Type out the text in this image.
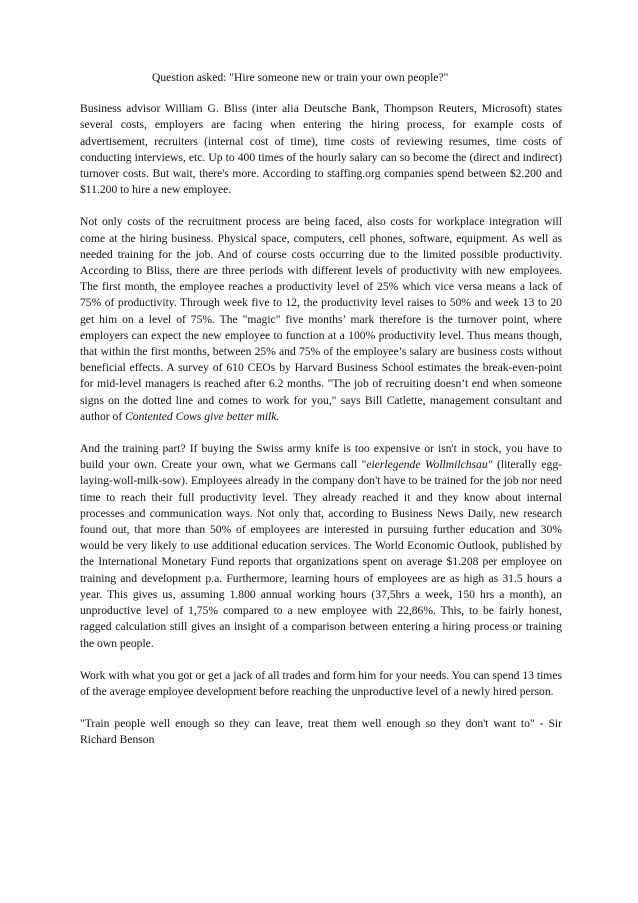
Question asked: "Hire someone new or train your own people?"

Business advisor William G. Bliss (inter alia Deutsche Bank, Thompson Reuters, Microsoft) states several costs, employers are facing when entering the hiring process, for example costs of advertisement, recruiters (internal cost of time), time costs of reviewing resumes, time costs of conducting interviews, etc. Up to 400 times of the hourly salary can so become the (direct and indirect) turnover costs. But wait, there's more. According to staffing.org companies spend between $2.200 and $11.200 to hire a new employee.

Not only costs of the recruitment process are being faced, also costs for workplace integration will come at the hiring business. Physical space, computers, cell phones, software, equipment. As well as needed training for the job. And of course costs occurring due to the limited possible productivity. According to Bliss, there are three periods with different levels of productivity with new employees. The first month, the employee reaches a productivity level of 25% which vice versa means a lack of 75% of productivity. Through week five to 12, the productivity level raises to 50% and week 13 to 20 get him on a level of 75%. The "magic" five months’ mark therefore is the turnover point, where employers can expect the new employee to function at a 100% productivity level. Thus means though, that within the first months, between 25% and 75% of the employee’s salary are business costs without beneficial effects. A survey of 610 CEOs by Harvard Business School estimates the break-even-point for mid-level managers is reached after 6.2 months. "The job of recruiting doesn’t end when someone signs on the dotted line and comes to work for you," says Bill Catlette, management consultant and author of Contented Cows give better milk.

And the training part? If buying the Swiss army knife is too expensive or isn't in stock, you have to build your own. Create your own, what we Germans call "eierlegende Wollmilchsau" (literally egg-laying-woll-milk-sow). Employees already in the company don't have to be trained for the job nor need time to reach their full productivity level. They already reached it and they know about internal processes and communication ways. Not only that, according to Business News Daily, new research found out, that more than 50% of employees are interested in pursuing further education and 30% would be very likely to use additional education services. The World Economic Outlook, published by the International Monetary Fund reports that organizations spent on average $1.208 per employee on training and development p.a. Furthermore, learning hours of employees are as high as 31.5 hours a year. This gives us, assuming 1.800 annual working hours (37,5hrs a week, 150 hrs a month), an unproductive level of 1,75% compared to a new employee with 22,86%. This, to be fairly honest, ragged calculation still gives an insight of a comparison between entering a hiring process or training the own people.

Work with what you got or get a jack of all trades and form him for your needs. You can spend 13 times of the average employee development before reaching the unproductive level of a newly hired person.

"Train people well enough so they can leave, treat them well enough so they don't want to" - Sir Richard Benson
